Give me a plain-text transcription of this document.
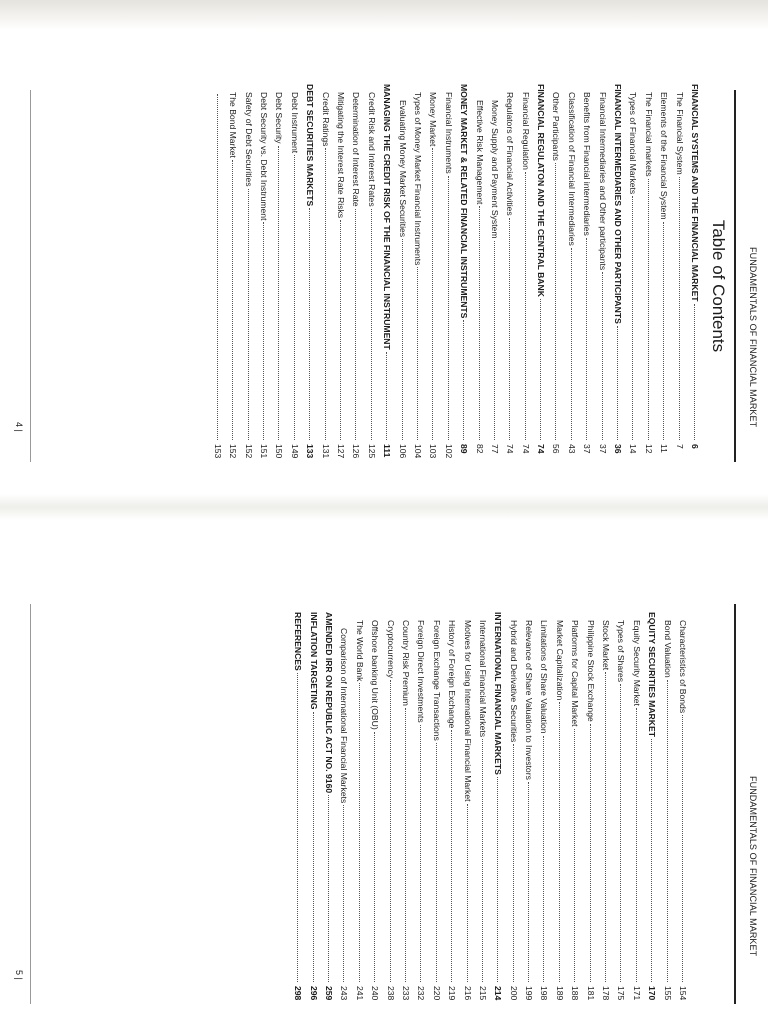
FUNDAMENTALS OF FINANCIAL MARKET
Table of Contents
FINANCIAL SYSTEMS AND THE FINANCIAL MARKET
6
The Financial System
7
Elements of the Financial System
11
The Financial markets
12
Types of Financial Markets
14
FINANCIAL INTERMEDIARIES AND OTHER PARTICIPANTS
36
Financial Intermediaries and Other participants
37
Benefits from Financial intermediaries
37
Classification of Financial Intermediaries
43
Other Participants
56
FINANCIAL REGULATON AND THE CENTRAL BANK
74
Financial Regulation
74
Regulators of Financial Activities
74
Money Supply and Payment System
77
Effective Risk Management
82
MONEY MARKET & RELATED FINANCIAL INSTRUMENTS
89
Financial Instruments
102
Money Market
103
Types of Money Market Financial Instruments
104
Evaluating Money Market Securities
106
MANAGING THE CREDIT RISK OF THE FINANCIAL INSTRUMENT
111
Credit Risk and Interest Rates
125
Determination of Interest Rate
126
Mitigating the Interest Rate Risks
127
Credit Ratings
131
DEBT SECURITIES MARKETS
133
Debt Instrument
149
Debt Security
150
Debt Security vs. Debt Instrument
151
Safety of Debt Securities
152
The Bond Market
152
153
4 |
FUNDAMENTALS OF FINANCIAL MARKET
Characteristics of Bonds
154
Bond Valuation
155
EQUITY SECURITIES MARKET
170
Equity Security Market
171
Types of Shares
175
Stock Market
178
Philippine Stock Exchange
181
Platforms for Capital Market
188
Market Capitalization
189
Limitations of Share Valuation
198
Relevance of Share Valuation to Investors
199
Hybrid and Derivative Securities
200
INTERNATIONAL FINANCIAL MARKETS
214
International Financial Markets
215
Motives for Using International Financial Market
216
History of Foreign Exchange
219
Foreign Exchange Transactions
220
Foreign Direct Investments
232
Country Risk Premium
233
Cryptocurrency
238
Offshore banking Unit (OBU)
240
The World Bank
241
Comparison of International Financial Markets
243
AMENDED IRR ON REPUBLIC ACT NO. 9160
259
INFLATION TARGETING
296
REFERENCES
298
5 |
